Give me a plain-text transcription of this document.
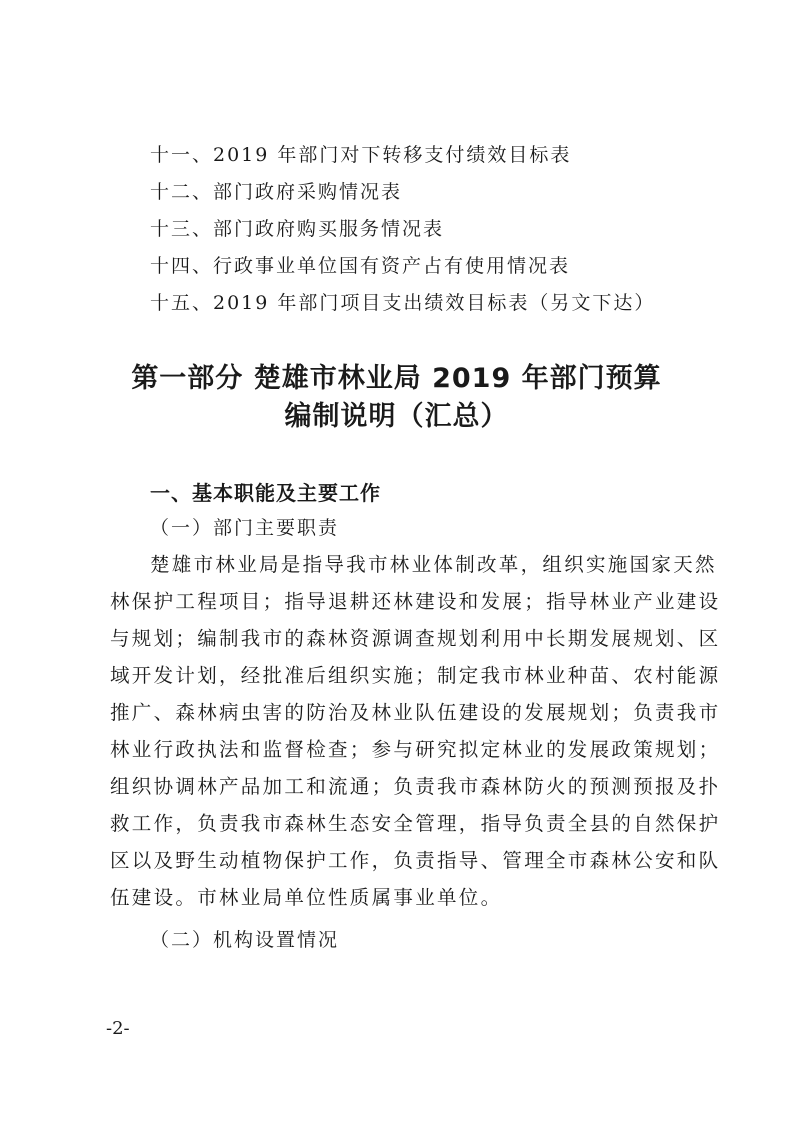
十一、2019 年部门对下转移支付绩效目标表
十二、部门政府采购情况表
十三、部门政府购买服务情况表
十四、行政事业单位国有资产占有使用情况表
十五、2019 年部门项目支出绩效目标表（另文下达）
第一部分 楚雄市林业局 2019 年部门预算
编制说明（汇总）
一、基本职能及主要工作
（一）部门主要职责
楚雄市林业局是指导我市林业体制改革，组织实施国家天然
林保护工程项目；指导退耕还林建设和发展；指导林业产业建设
与规划；编制我市的森林资源调查规划利用中长期发展规划、区
域开发计划，经批准后组织实施；制定我市林业种苗、农村能源
推广、森林病虫害的防治及林业队伍建设的发展规划；负责我市
林业行政执法和监督检查；参与研究拟定林业的发展政策规划；
组织协调林产品加工和流通；负责我市森林防火的预测预报及扑
救工作，负责我市森林生态安全管理，指导负责全县的自然保护
区以及野生动植物保护工作，负责指导、管理全市森林公安和队
伍建设。市林业局单位性质属事业单位。
（二）机构设置情况
-2-
